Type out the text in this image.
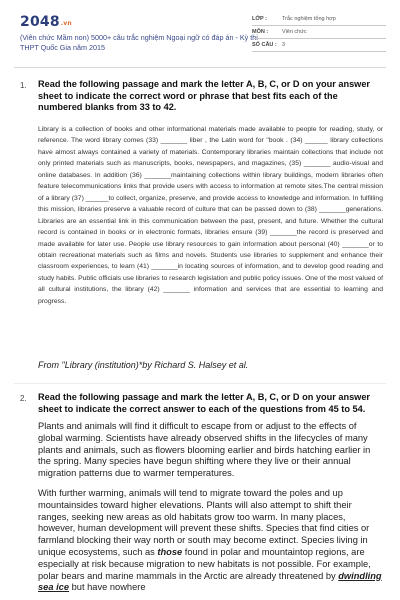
2048.vn
(Viên chức Mầm non) 5000+ câu trắc nghiệm Ngoại ngữ có đáp án - Kỳ thi THPT Quốc Gia năm 2015
LỚP :	Trắc nghiệm tổng hợp
MÔN :	Viên chức
SỐ CÂU : 3
1. Read the following passage and mark the letter A, B, C, or D on your answer sheet to indicate the correct word or phrase that best fits each of the numbered blanks from 33 to 42.
Library is a collection of books and other informational materials made available to people for reading, study, or reference. The word library comes (33) _______ liber , the Latin word for "book . (34) ______ library collections have almost always contained a variety of materials. Contemporary libraries maintain collections that include not only printed materials such as manuscripts, books, newspapers, and magazines, (35) _______ audio-visual and online databases. In addition (36) _______maintaining collections within library buildings, modern libraries often feature telecommunications links that provide users with access to information at remote sites.The central mission of a library (37) ______to collect, organize, preserve, and provide access to knowledge and information. In fulfilling this mission, libraries preserve a valuable record of culture that can be passed down to (38) _______generations. Libraries are an essential link in this communication between the past, present, and future. Whether the cultural record is contained in books or in electronic formats, libraries ensure (39) _______the record is preserved and made available for later use. People use library resources to gain information about personal (40) _______or to obtain recreational materials such as films and novels. Students use libraries to supplement and enhance their classroom experiences, to learn (41) _______in locating sources of information, and to develop good reading and study habits. Public officials use libraries to research legislation and public policy issues. One of the most valued of all cultural institutions, the library (42) _______ information and services that are essential to learning and progress.
From "Library (institution)*by Richard S. Halsey et al.
2. Read the following passage and mark the letter A, B, C, or D on your answer sheet to indicate the correct answer to each of the questions from 45 to 54.

Plants and animals will find it difficult to escape from or adjust to the effects of global warming. Scientists have already observed shifts in the lifecycles of many plants and animals, such as flowers blooming earlier and birds hatching earlier in the spring. Many species have begun shifting where they live or their annual migration patterns due to warmer temperatures.

With further warming, animals will tend to migrate toward the poles and up mountainsides toward higher elevations. Plants will also attempt to shift their ranges, seeking new areas as old habitats grow too warm. In many places, however, human development will prevent these shifts. Species that find cities or farmland blocking their way north or south may become extinct. Species living in unique ecosystems, such as those found in polar and mountaintop regions, are especially at risk because migration to new habitats is not possible. For example, polar bears and marine mammals in the Arctic are already threatened by dwindling sea ice but have nowhere
